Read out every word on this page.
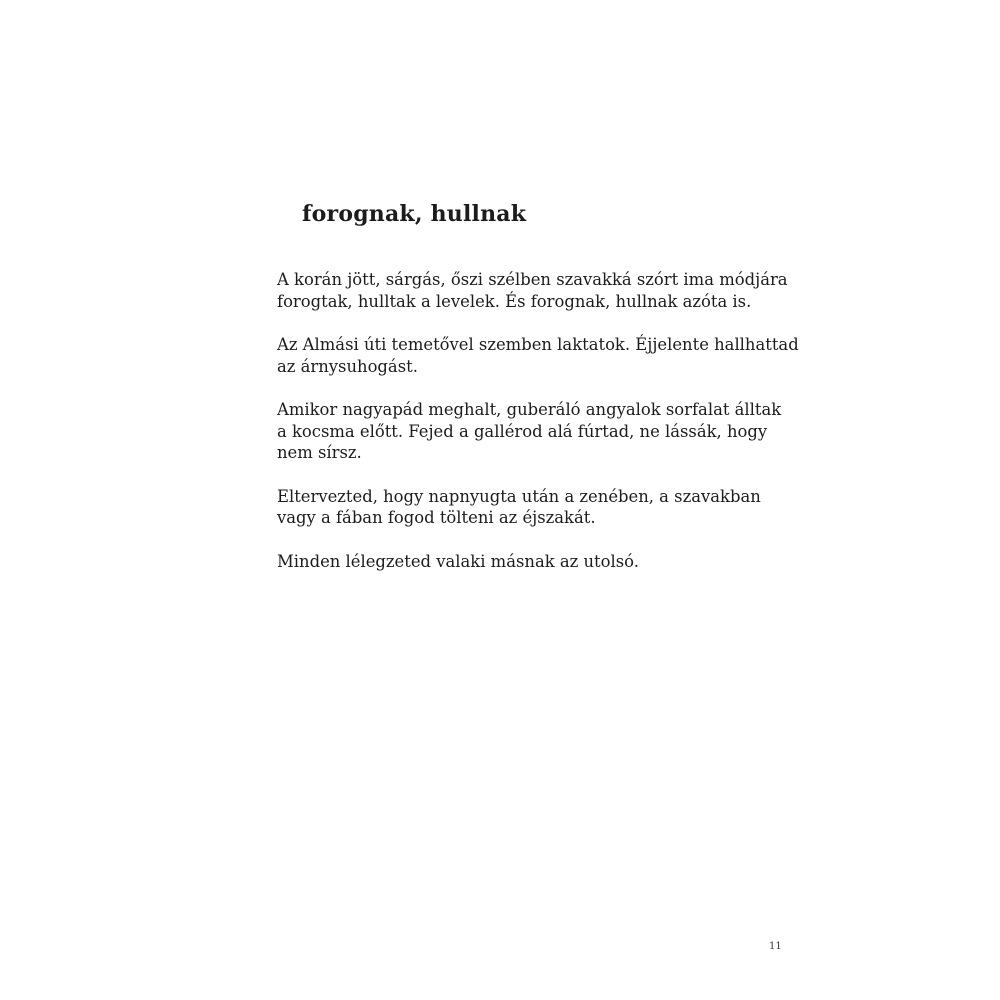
forognak, hullnak

A korán jött, sárgás, őszi szélben szavakká szórt ima módjára
forogtak, hulltak a levelek. És forognak, hullnak azóta is.

Az Almási úti temetővel szemben laktatok. Éjjelente hallhattad
az árnysuhogást.

Amikor nagyapád meghalt, guberáló angyalok sorfalat álltak
a kocsma előtt. Fejed a gallérod alá fúrtad, ne lássák, hogy
nem sírsz.

Eltervezted, hogy napnyugta után a zenében, a szavakban
vagy a fában fogod tölteni az éjszakát.

Minden lélegzeted valaki másnak az utolsó.

11
